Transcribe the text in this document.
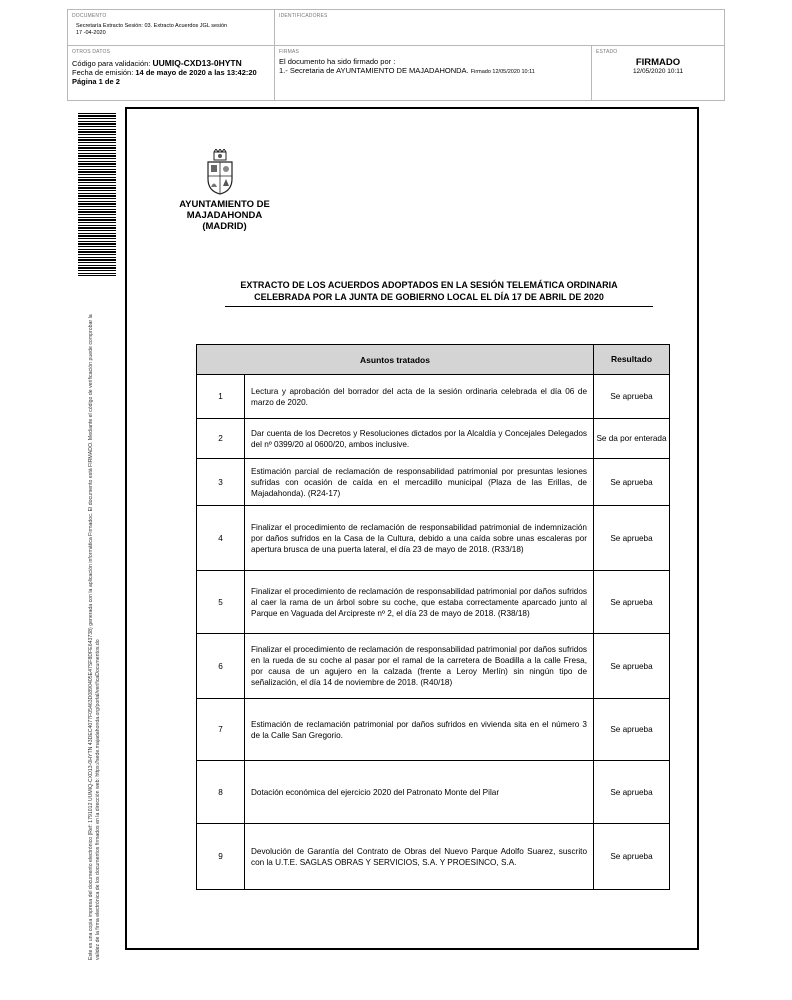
DOCUMENTO
Secretaría Extracto Sesión: 03. Extracto Acuerdos JGL sesión 17 -04-2020
IDENTIFICADORES
OTROS DATOS
Código para validación: UUMIQ-CXD13-0HYTN
Fecha de emisión: 14 de mayo de 2020 a las 13:42:20
Página 1 de 2
FIRMAS
El documento ha sido firmado por :
1.- Secretaria de AYUNTAMIENTO DE MAJADAHONDA. Firmado 12/05/2020 10:11
ESTADO
FIRMADO
12/05/2020 10:11
Este es una copia impresa del documento electrónico (Ref: 1791012 UUMIQ-CXD13-0HYTN 43DEC4077F05463D0890405E47SF8DFE643738) generada con la aplicación informática Firmadoc. El documento está FIRMADO. Mediante el código de verificación puede comprobar la validez de la firma electrónica de los documentos firmados en la dirección web: https://sede.majadahonda.org/portal/verificaDocumentos.do
AYUNTAMIENTO DE
MAJADAHONDA
(MADRID)
EXTRACTO DE LOS ACUERDOS ADOPTADOS EN LA SESIÓN TELEMÁTICA ORDINARIA
CELEBRADA POR LA JUNTA DE GOBIERNO LOCAL EL DÍA 17 DE ABRIL DE 2020
Asuntos tratados		Resultado
1	Lectura y aprobación del borrador del acta de la sesión ordinaria celebrada el día 06 de marzo de 2020.	Se aprueba
2	Dar cuenta de los Decretos y Resoluciones dictados por la Alcaldía y Concejales Delegados del nº 0399/20 al 0600/20, ambos inclusive.	Se da por enterada
3	Estimación parcial de reclamación de responsabilidad patrimonial por presuntas lesiones sufridas con ocasión de caída en el mercadillo municipal (Plaza de las Erillas, de Majadahonda). (R24-17)	Se aprueba
4	Finalizar el procedimiento de reclamación de responsabilidad patrimonial de indemnización por daños sufridos en la Casa de la Cultura, debido a una caída sobre unas escaleras por apertura brusca de una puerta lateral, el día 23 de mayo de 2018. (R33/18)	Se aprueba
5	Finalizar el procedimiento de reclamación de responsabilidad patrimonial por daños sufridos al caer la rama de un árbol sobre su coche, que estaba correctamente aparcado junto al Parque en Vaguada del Arcipreste nº 2, el día 23 de mayo de 2018. (R38/18)	Se aprueba
6	Finalizar el procedimiento de reclamación de responsabilidad patrimonial por daños sufridos en la rueda de su coche al pasar por el ramal de la carretera de Boadilla a la calle Fresa, por causa de un agujero en la calzada (frente a Leroy Merlín) sin ningún tipo de señalización, el día 14 de noviembre de 2018. (R40/18)	Se aprueba
7	Estimación de reclamación patrimonial por daños sufridos en vivienda sita en el número 3 de la Calle San Gregorio.	Se aprueba
8	Dotación económica del ejercicio 2020 del Patronato Monte del Pilar	Se aprueba
9	Devolución de Garantía del Contrato de Obras del Nuevo Parque Adolfo Suarez, suscrito con la U.T.E. SAGLAS OBRAS Y SERVICIOS, S.A. Y PROESINCO, S.A.	Se aprueba
